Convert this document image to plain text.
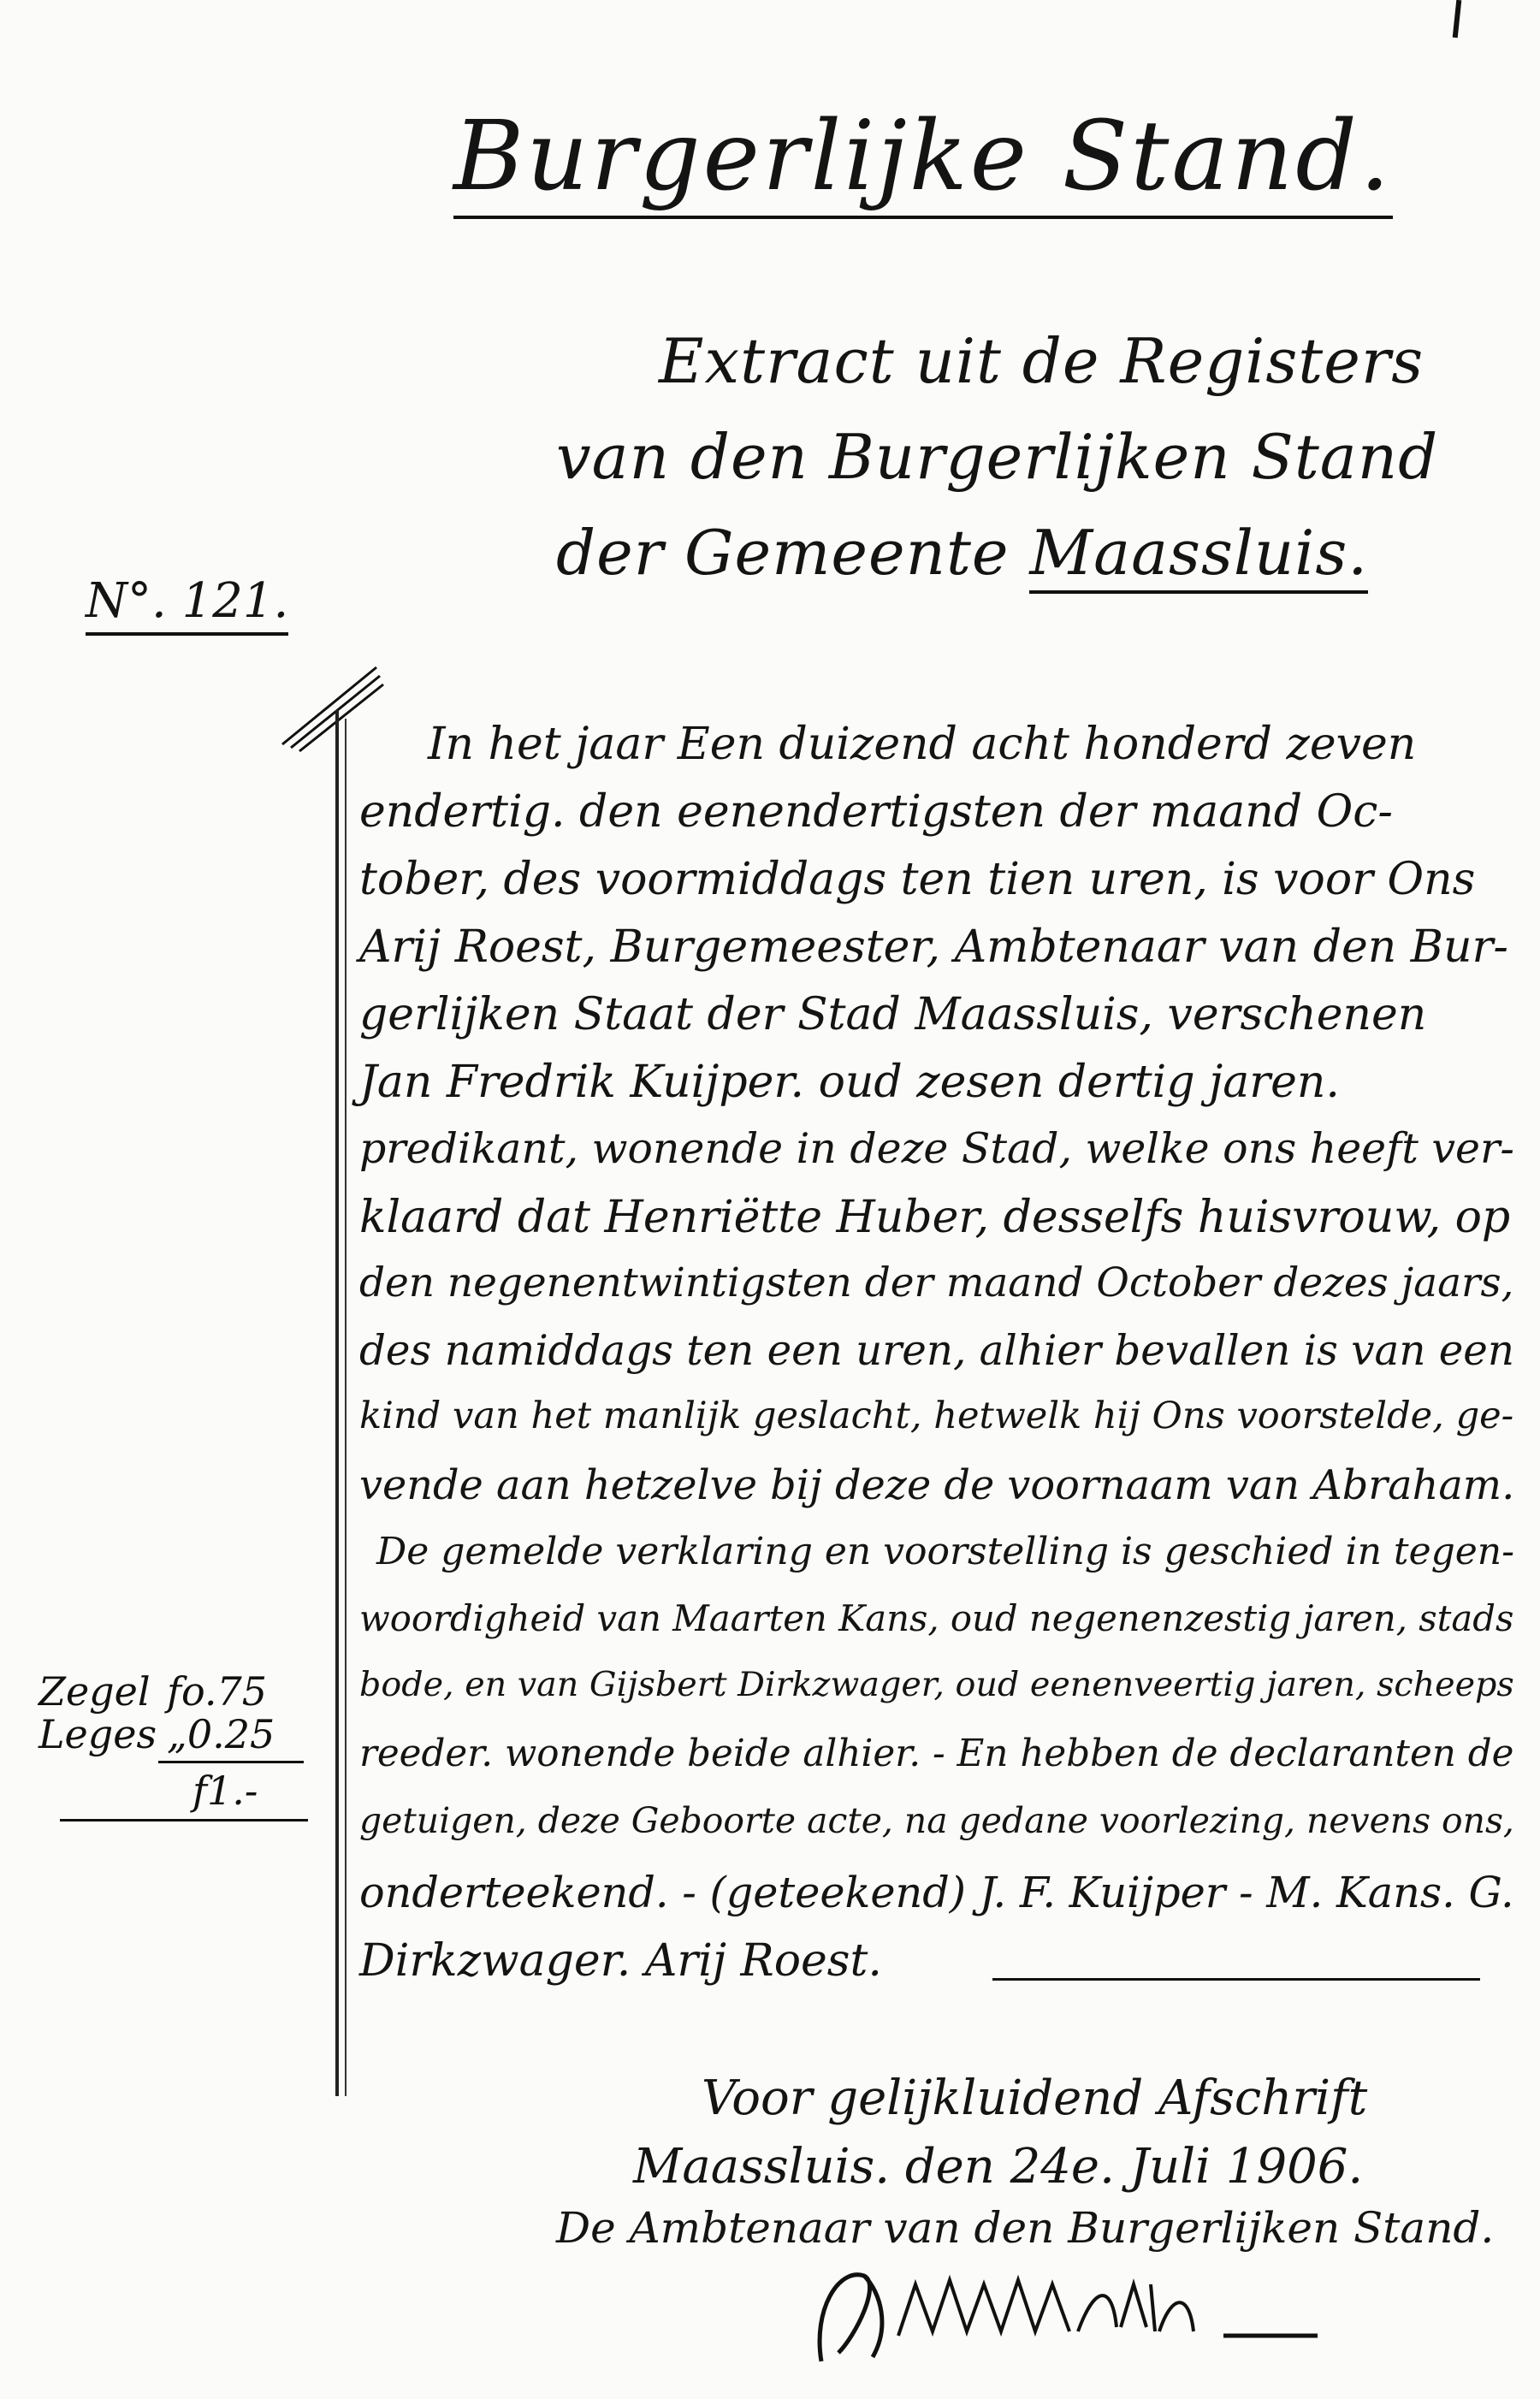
Burgerlijke Stand.
Extract uit de Registers
van den Burgerlijken Stand
der Gemeente Maassluis.
N°. 121.
In het jaar Een duizend acht honderd zeven
endertig. den eenendertigsten der maand Oc-
tober, des voormiddags ten tien uren, is voor Ons
Arij Roest, Burgemeester, Ambtenaar van den Bur-
gerlijken Staat der Stad Maassluis, verschenen
Jan Fredrik Kuijper. oud zesen dertig jaren.
predikant, wonende in deze Stad, welke ons heeft ver-
klaard dat Henriëtte Huber, desselfs huisvrouw, op
den negenentwintigsten der maand October dezes jaars,
des namiddags ten een uren, alhier bevallen is van een
kind van het manlijk geslacht, hetwelk hij Ons voorstelde, ge-
vende aan hetzelve bij deze de voornaam van Abraham.
De gemelde verklaring en voorstelling is geschied in tegen-
woordigheid van Maarten Kans, oud negenenzestig jaren, stads
bode, en van Gijsbert Dirkzwager, oud eenenveertig jaren, scheeps
reeder. wonende beide alhier. - En hebben de declaranten de
getuigen, deze Geboorte acte, na gedane voorlezing, nevens ons,
onderteekend. - (geteekend) J. F. Kuijper - M. Kans. G.
Dirkzwager. Arij Roest.
Zegel fo.75
Leges „0.25
f1.-
Voor gelijkluidend Afschrift
Maassluis. den 24e. Juli 1906.
De Ambtenaar van den Burgerlijken Stand.
